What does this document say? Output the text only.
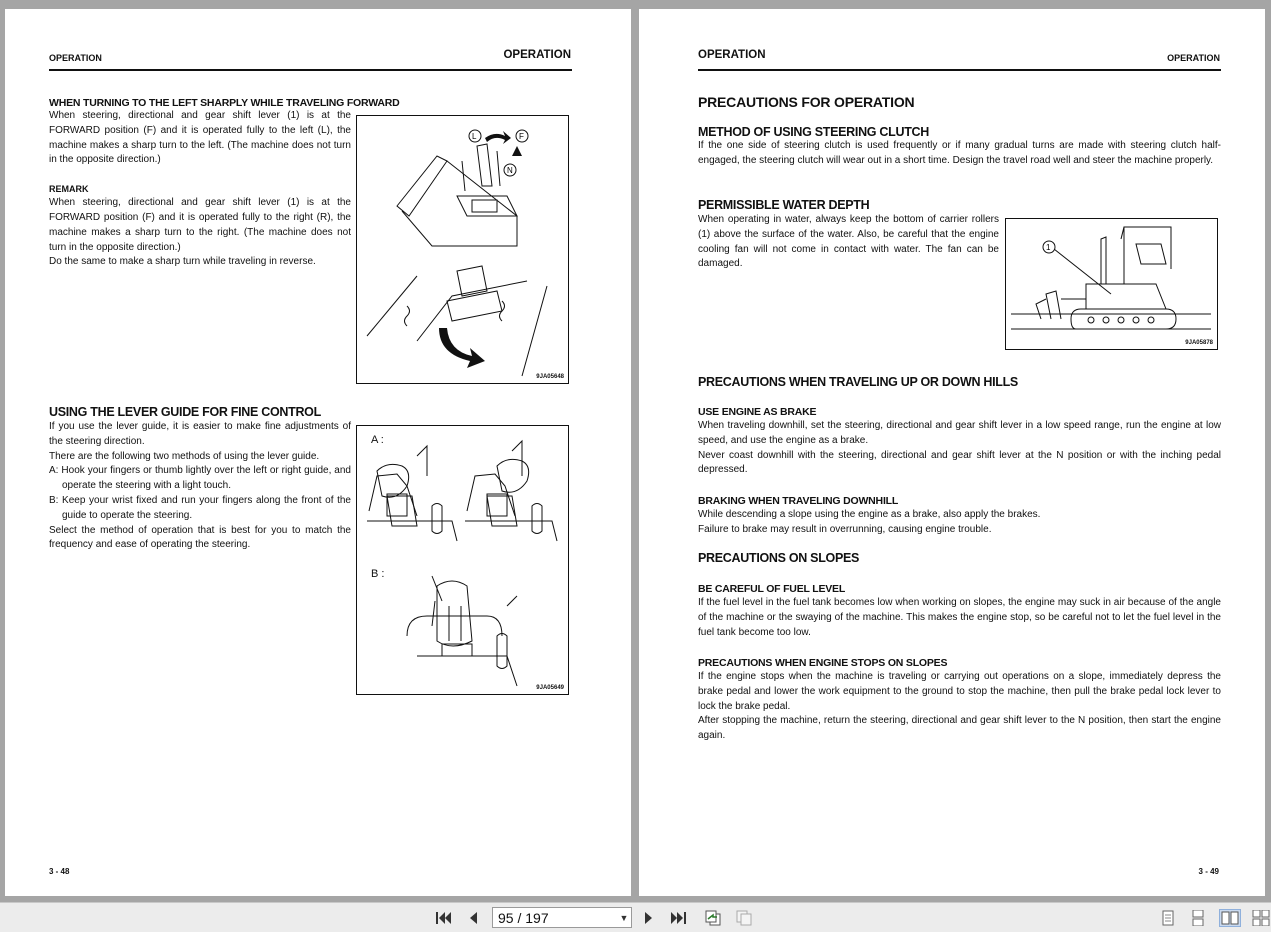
OPERATION	OPERATION
WHEN TURNING TO THE LEFT SHARPLY WHILE TRAVELING FORWARD

When steering, directional and gear shift lever (1) is at the FORWARD position (F) and it is operated fully to the left (L), the machine makes a sharp turn to the left. (The machine does not turn in the opposite direction.)

REMARK

When steering, directional and gear shift lever (1) is at the FORWARD position (F) and it is operated fully to the right (R), the machine makes a sharp turn to the right. (The machine does not turn in the opposite direction.)

Do the same to make a sharp turn while traveling in reverse.

L	F
N
9JA05648
USING THE LEVER GUIDE FOR FINE CONTROL

If you use the lever guide, it is easier to make fine adjustments of the steering direction.

There are the following two methods of using the lever guide.

A: Hook your fingers or thumb lightly over the left or right guide, and operate the steering with a light touch.

B: Keep your wrist fixed and run your fingers along the front of the guide to operate the steering.

Select the method of operation that is best for you to match the frequency and ease of operating the steering.

A :
B :
9JA05649
3 - 48
OPERATION	OPERATION
PRECAUTIONS FOR OPERATION
METHOD OF USING STEERING CLUTCH
If the one side of steering clutch is used frequently or if many gradual turns are made with steering clutch half-engaged, the steering clutch will wear out in a short time. Design the travel road well and steer the machine properly.
PERMISSIBLE WATER DEPTH
When operating in water, always keep the bottom of carrier rollers (1) above the surface of the water. Also, be careful that the engine cooling fan will not come in contact with water. The fan can be damaged.
1
9JA05878
PRECAUTIONS WHEN TRAVELING UP OR DOWN HILLS
USE ENGINE AS BRAKE

When traveling downhill, set the steering, directional and gear shift lever in a low speed range, run the engine at low speed, and use the engine as a brake.

Never coast downhill with the steering, directional and gear shift lever at the N position or with the inching pedal depressed.

BRAKING WHEN TRAVELING DOWNHILL

While descending a slope using the engine as a brake, also apply the brakes.

Failure to brake may result in overrunning, causing engine trouble.

PRECAUTIONS ON SLOPES
BE CAREFUL OF FUEL LEVEL
If the fuel level in the fuel tank becomes low when working on slopes, the engine may suck in air because of the angle of the machine or the swaying of the machine. This makes the engine stop, so be careful not to let the fuel level in the fuel tank become too low.
PRECAUTIONS WHEN ENGINE STOPS ON SLOPES

If the engine stops when the machine is traveling or carrying out operations on a slope, immediately depress the brake pedal and lower the work equipment to the ground to stop the machine, then pull the brake pedal lock lever to lock the brake pedal.

After stopping the machine, return the steering, directional and gear shift lever to the N position, then start the engine again.

3 - 49
95 / 197	▼
